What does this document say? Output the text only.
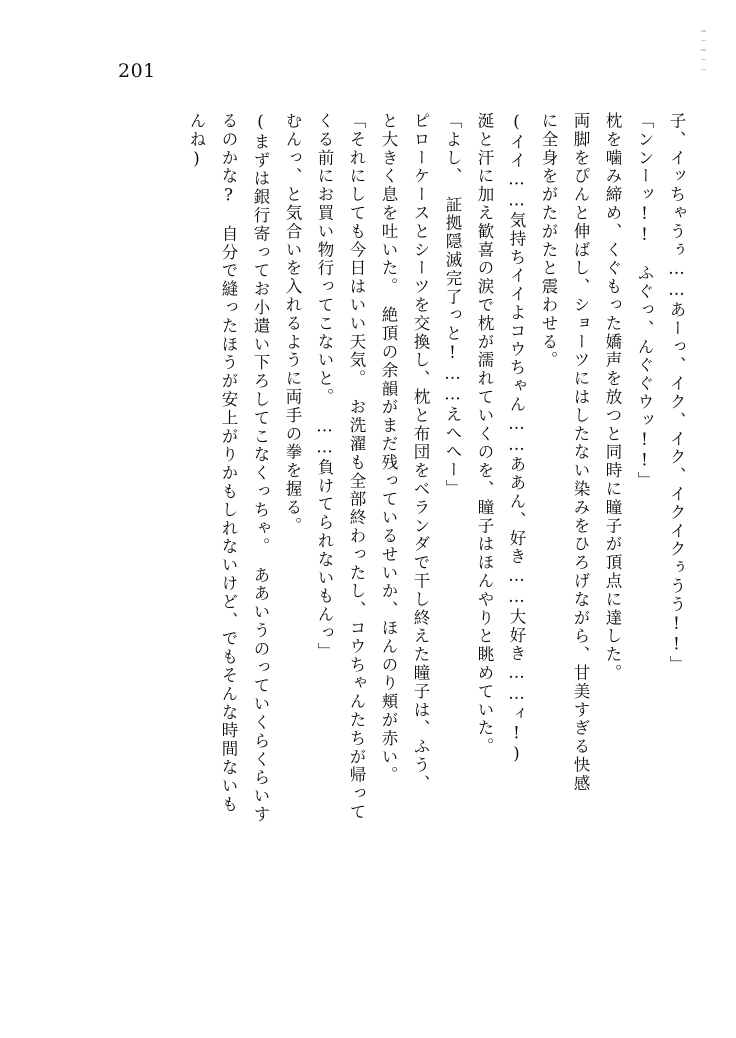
201
子、イッちゃうぅ……あーっ、イク、イク、イクイクぅうう!!」
「ンンーッ!!　ふぐっ、んぐぐウッ!!」
枕を噛み締め、くぐもった嬌声を放つと同時に瞳子が頂点に達した。
両脚をぴんと伸ばし、ショーツにはしたない染みをひろげながら、甘美すぎる快感
に全身をがたがたと震わせる。
(イイ……気持ちイイよコウちゃん……ああん、好き……大好き……ィ!)
涎と汗に加え歓喜の涙で枕が濡れていくのを、瞳子はほんやりと眺めていた。
「よし、　証拠隠滅完了っと!……えへへー」
ピローケースとシーツを交換し、枕と布団をベランダで干し終えた瞳子は、ふう、
と大きく息を吐いた。　絶頂の余韻がまだ残っているせいか、ほんのり頬が赤い。
「それにしても今日はいい天気。　お洗濯も全部終わったし、コウちゃんたちが帰って
くる前にお買い物行ってこないと。　……負けてられないもんっ」
むんっ、と気合いを入れるように両手の拳を握る。
(まずは銀行寄ってお小遣い下ろしてこなくっちゃ。　ああいうのっていくらくらいす
るのかな?　自分で縫ったほうが安上がりかもしれないけど、でもそんな時間ないも
んね)
